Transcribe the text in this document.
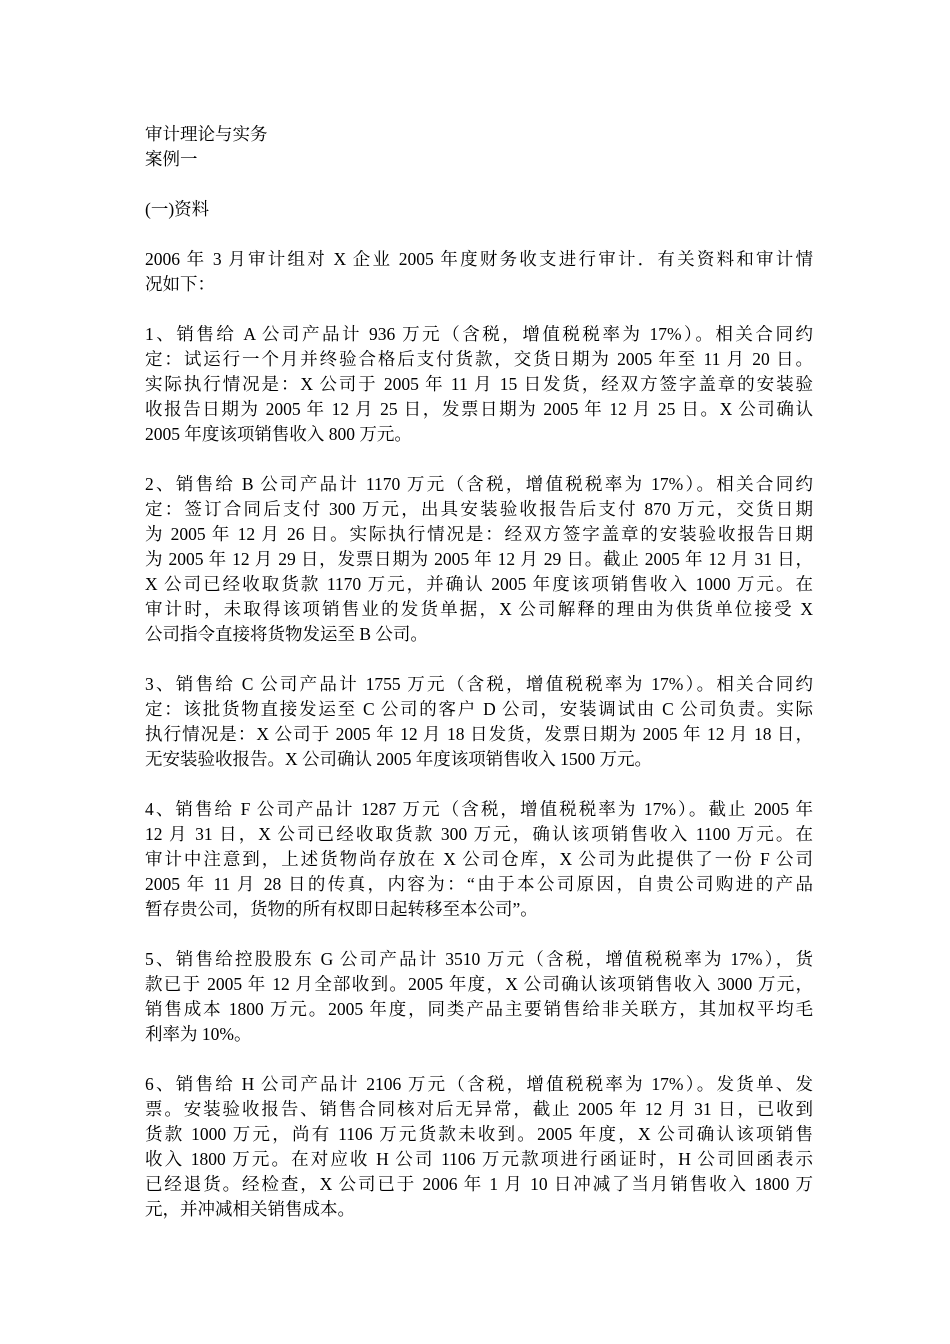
审计理论与实务
案例一
(一)资料
2006 年 3 月审计组对 X 企业 2005 年度财务收支进行审计．有关资料和审计情
况如下：
1、销售给 A 公司产品计 936 万元（含税，增值税税率为 17%）。相关合同约
定：试运行一个月并终验合格后支付货款，交货日期为 2005 年至 11 月 20 日。
实际执行情况是：X 公司于 2005 年 11 月 15 日发货，经双方签字盖章的安装验
收报告日期为 2005 年 12 月 25 日，发票日期为 2005 年 12 月 25 日。X 公司确认
2005 年度该项销售收入 800 万元。
2、销售给 B 公司产品计 1170 万元（含税，增值税税率为 17%）。相关合同约
定：签订合同后支付 300 万元，出具安装验收报告后支付 870 万元，交货日期
为 2005 年 12 月 26 日。实际执行情况是：经双方签字盖章的安装验收报告日期
为 2005 年 12 月 29 日，发票日期为 2005 年 12 月 29 日。截止 2005 年 12 月 31 日，
X 公司已经收取货款 1170 万元，并确认 2005 年度该项销售收入 1000 万元。在
审计时，未取得该项销售业的发货单据，X 公司解释的理由为供货单位接受 X
公司指令直接将货物发运至 B 公司。
3、销售给 C 公司产品计 1755 万元（含税，增值税税率为 17%）。相关合同约
定：该批货物直接发运至 C 公司的客户 D 公司，安装调试由 C 公司负责。实际
执行情况是：X 公司于 2005 年 12 月 18 日发货，发票日期为 2005 年 12 月 18 日，
无安装验收报告。X 公司确认 2005 年度该项销售收入 1500 万元。
4、销售给 F 公司产品计 1287 万元（含税，增值税税率为 17%）。截止 2005 年
12 月 31 日，X 公司已经收取货款 300 万元，确认该项销售收入 1100 万元。在
审计中注意到，上述货物尚存放在 X 公司仓库，X 公司为此提供了一份 F 公司
2005 年 11 月 28 日的传真，内容为：“由于本公司原因，自贵公司购进的产品
暂存贵公司，货物的所有权即日起转移至本公司”。
5、销售给控股股东 G 公司产品计 3510 万元（含税，增值税税率为 17%），货
款已于 2005 年 12 月全部收到。2005 年度，X 公司确认该项销售收入 3000 万元，
销售成本 1800 万元。2005 年度，同类产品主要销售给非关联方，其加权平均毛
利率为 10%。
6、销售给 H 公司产品计 2106 万元（含税，增值税税率为 17%）。发货单、发
票。安装验收报告、销售合同核对后无异常，截止 2005 年 12 月 31 日，已收到
货款 1000 万元，尚有 1106 万元货款未收到。2005 年度，X 公司确认该项销售
收入 1800 万元。在对应收 H 公司 1106 万元款项进行函证时，H 公司回函表示
已经退货。经检查，X 公司已于 2006 年 1 月 10 日冲减了当月销售收入 1800 万
元，并冲减相关销售成本。
